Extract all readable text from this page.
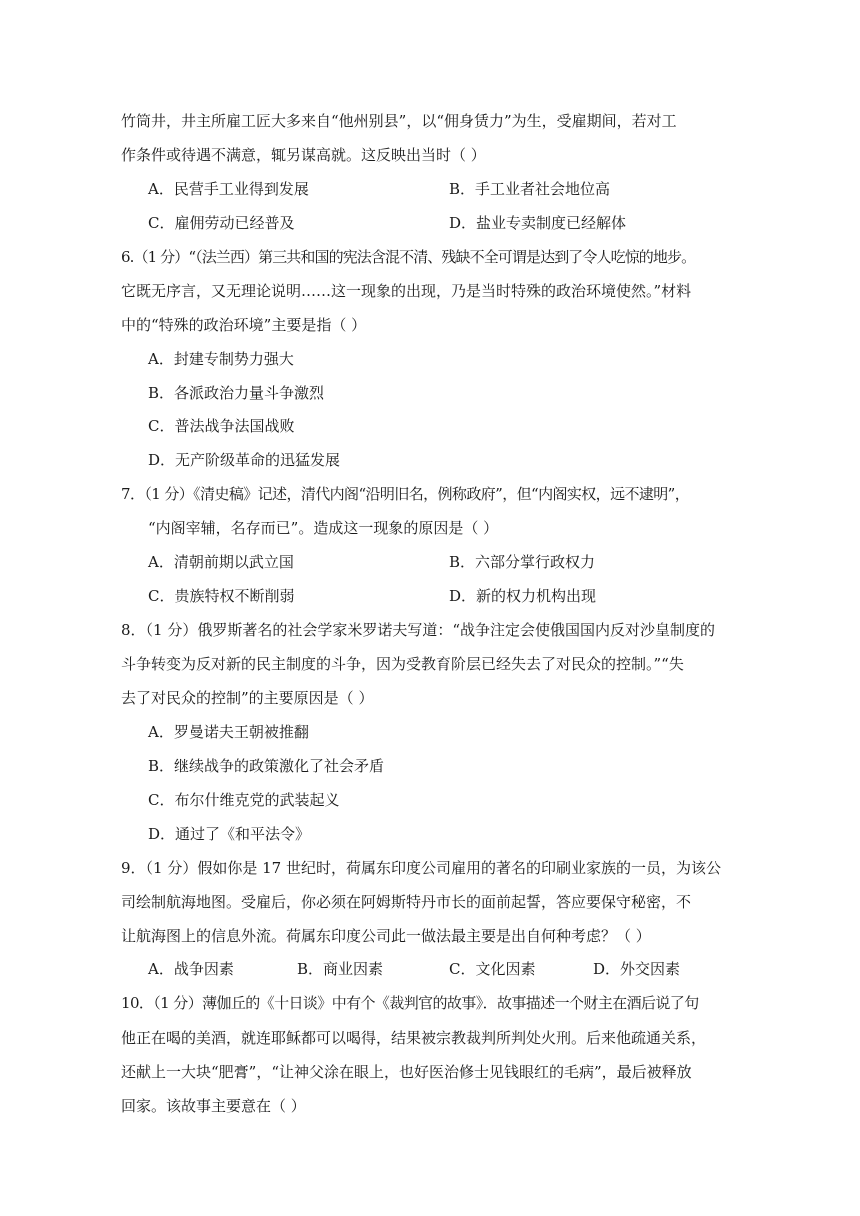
竹筒井，井主所雇工匠大多来自“他州别县”，以“佣身赁力”为生，受雇期间，若对工
作条件或待遇不满意，辄另谋高就。这反映出当时（ ）
A．民营手工业得到发展	B．手工业者社会地位高
C．雇佣劳动已经普及	D．盐业专卖制度已经解体
6.（1 分）“（法兰西）第三共和国的宪法含混不清、残缺不全可谓是达到了令人吃惊的地步。
它既无序言，又无理论说明……这一现象的出现，乃是当时特殊的政治环境使然。”材料
中的“特殊的政治环境”主要是指（ ）
A．封建专制势力强大
B．各派政治力量斗争激烈
C．普法战争法国战败
D．无产阶级革命的迅猛发展
7．（1 分）《清史稿》记述，清代内阁“沿明旧名，例称政府”，但“内阁实权，远不逮明”，
“内阁宰辅，名存而已”。造成这一现象的原因是（ ）
A．清朝前期以武立国	B．六部分掌行政权力
C．贵族特权不断削弱	D．新的权力机构出现
8．（1 分）俄罗斯著名的社会学家米罗诺夫写道：“战争注定会使俄国国内反对沙皇制度的
斗争转变为反对新的民主制度的斗争，因为受教育阶层已经失去了对民众的控制。”“失
去了对民众的控制”的主要原因是（ ）
A．罗曼诺夫王朝被推翻
B．继续战争的政策激化了社会矛盾
C．布尔什维克党的武装起义
D．通过了《和平法令》
9．（1 分）假如你是 17 世纪时，荷属东印度公司雇用的著名的印刷业家族的一员，为该公
司绘制航海地图。受雇后，你必须在阿姆斯特丹市长的面前起誓，答应要保守秘密，不
让航海图上的信息外流。荷属东印度公司此一做法最主要是出自何种考虑？（ ）
A．战争因素	B．商业因素	C．文化因素	D．外交因素
10．（1 分）薄伽丘的《十日谈》中有个《裁判官的故事》．故事描述一个财主在酒后说了句
他正在喝的美酒，就连耶稣都可以喝得，结果被宗教裁判所判处火刑。后来他疏通关系，
还献上一大块“肥膏”，“让神父涂在眼上，也好医治修士见钱眼红的毛病”，最后被释放
回家。该故事主要意在（ ）
